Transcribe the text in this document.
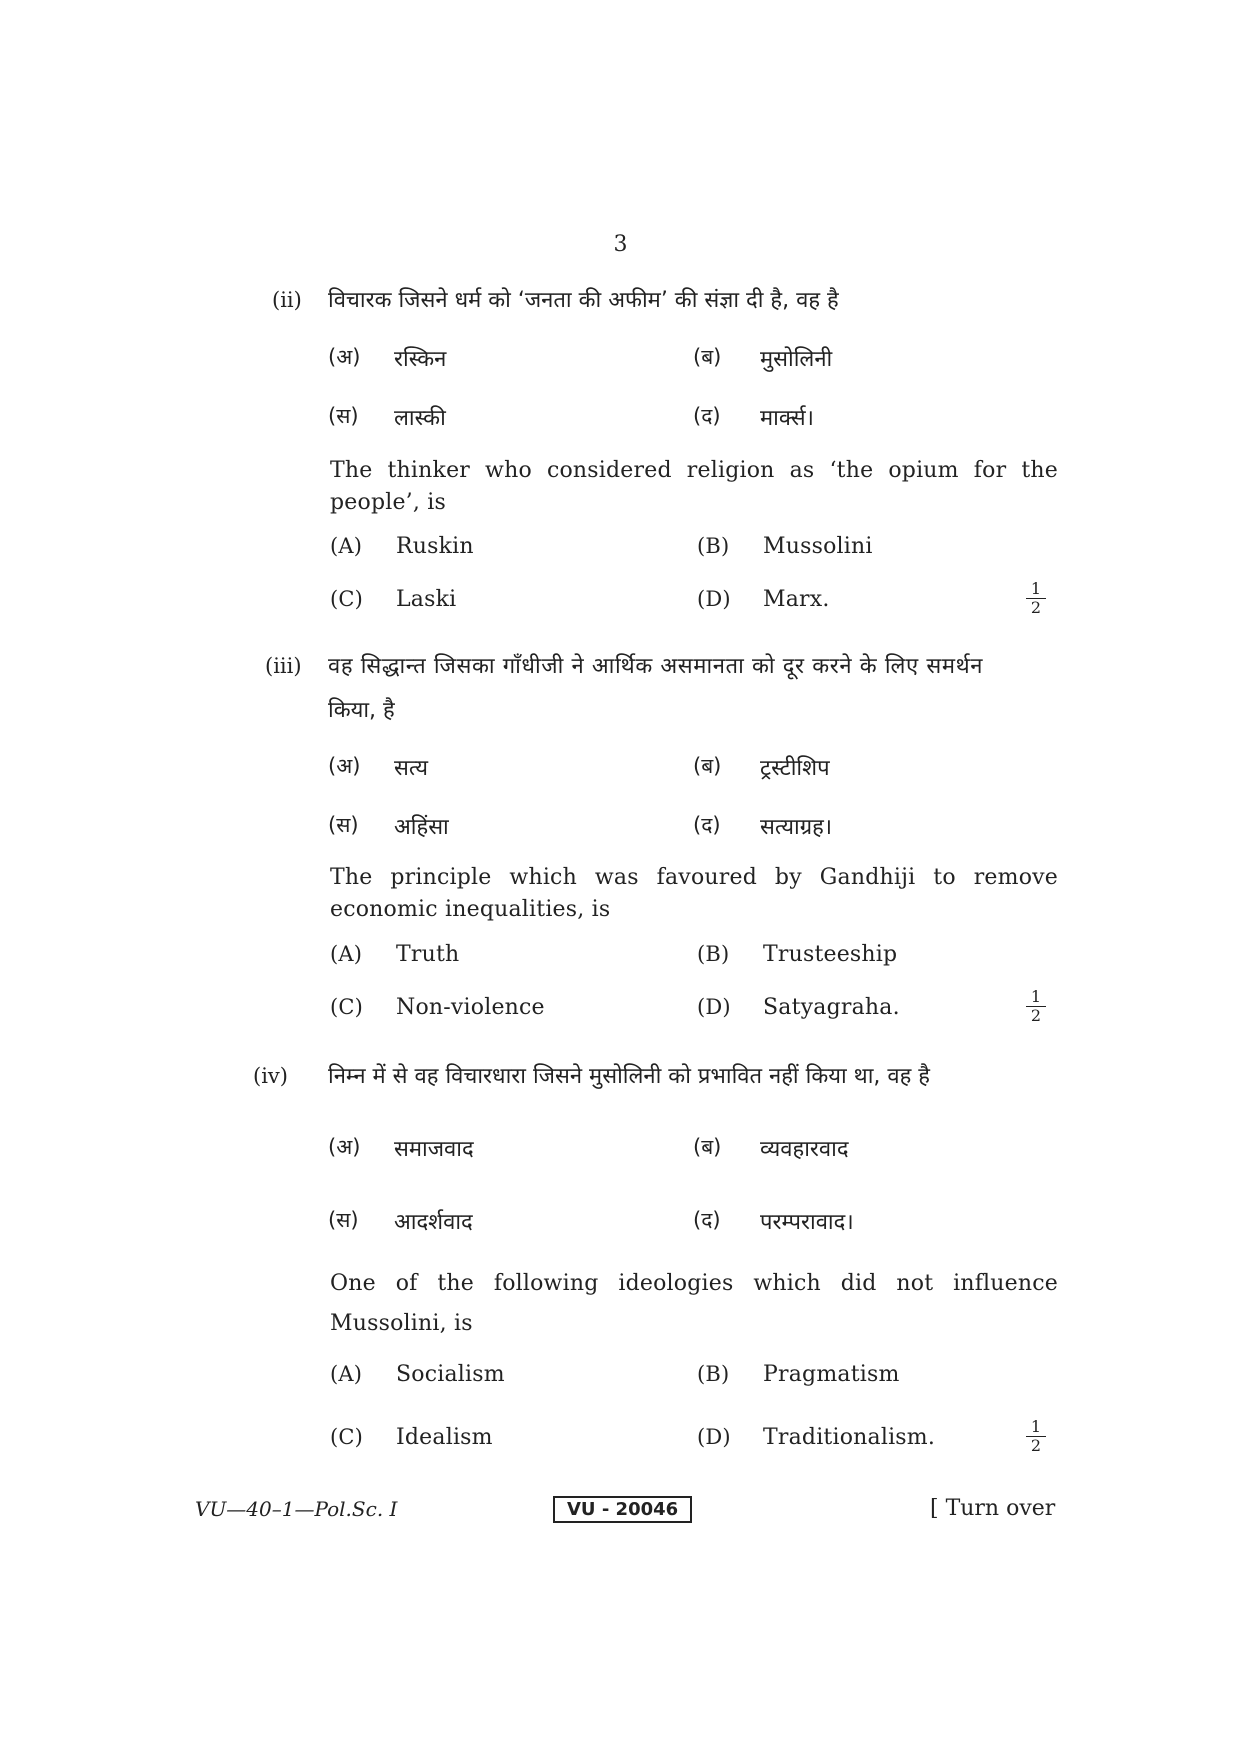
3
(ii) विचारक जिसने धर्म को ‘जनता की अफीम’ की संज्ञा दी है, वह है
(अ) रस्किन	(ब) मुसोलिनी
(स) लास्की	(द) मार्क्स।
The thinker who considered religion as ‘the opium for the people’, is
(A) Ruskin	(B) Mussolini
(C) Laski	(D) Marx.	$\frac{1}{2}$
(iii) वह सिद्धान्त जिसका गाँधीजी ने आर्थिक असमानता को दूर करने के लिए समर्थन
किया, है
(अ) सत्य	(ब) ट्रस्टीशिप
(स) अहिंसा	(द) सत्याग्रह।
The principle which was favoured by Gandhiji to remove economic inequalities, is
(A) Truth	(B) Trusteeship
(C) Non-violence	(D) Satyagraha.	$\frac{1}{2}$
(iv) निम्न में से वह विचारधारा जिसने मुसोलिनी को प्रभावित नहीं किया था, वह है
(अ) समाजवाद	(ब) व्यवहारवाद
(स) आदर्शवाद	(द) परम्परावाद।
One of the following ideologies which did not influence Mussolini, is
(A) Socialism	(B) Pragmatism
(C) Idealism	(D) Traditionalism.	$\frac{1}{2}$
VU—40–1—Pol.Sc. I	VU - 20046	[ Turn over
